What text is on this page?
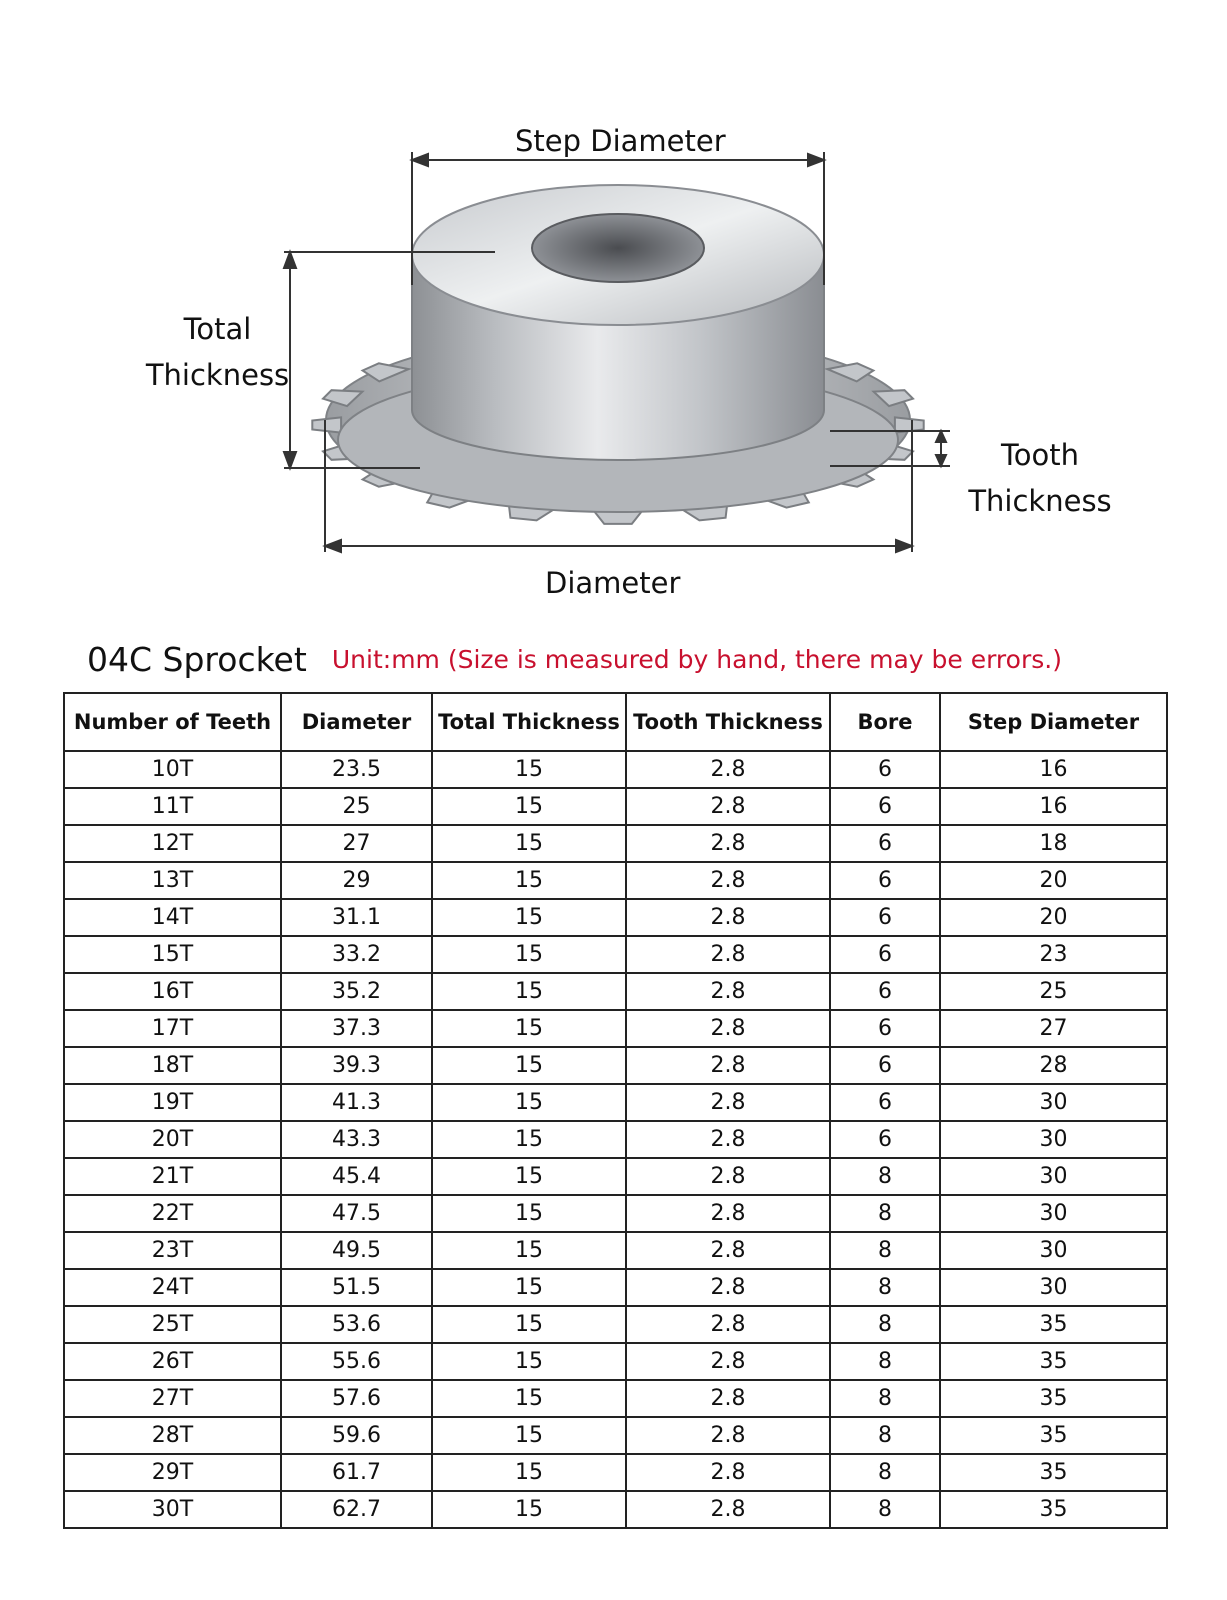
Step Diameter
Total
Thickness
Tooth
Thickness
Diameter
04C Sprocket Unit:mm (Size is measured by hand, there may be errors.)
Number of Teeth	Diameter	Total Thickness	Tooth Thickness	Bore	Step Diameter
10T	23.5	15	2.8	6	16
11T	25	15	2.8	6	16
12T	27	15	2.8	6	18
13T	29	15	2.8	6	20
14T	31.1	15	2.8	6	20
15T	33.2	15	2.8	6	23
16T	35.2	15	2.8	6	25
17T	37.3	15	2.8	6	27
18T	39.3	15	2.8	6	28
19T	41.3	15	2.8	6	30
20T	43.3	15	2.8	6	30
21T	45.4	15	2.8	8	30
22T	47.5	15	2.8	8	30
23T	49.5	15	2.8	8	30
24T	51.5	15	2.8	8	30
25T	53.6	15	2.8	8	35
26T	55.6	15	2.8	8	35
27T	57.6	15	2.8	8	35
28T	59.6	15	2.8	8	35
29T	61.7	15	2.8	8	35
30T	62.7	15	2.8	8	35
